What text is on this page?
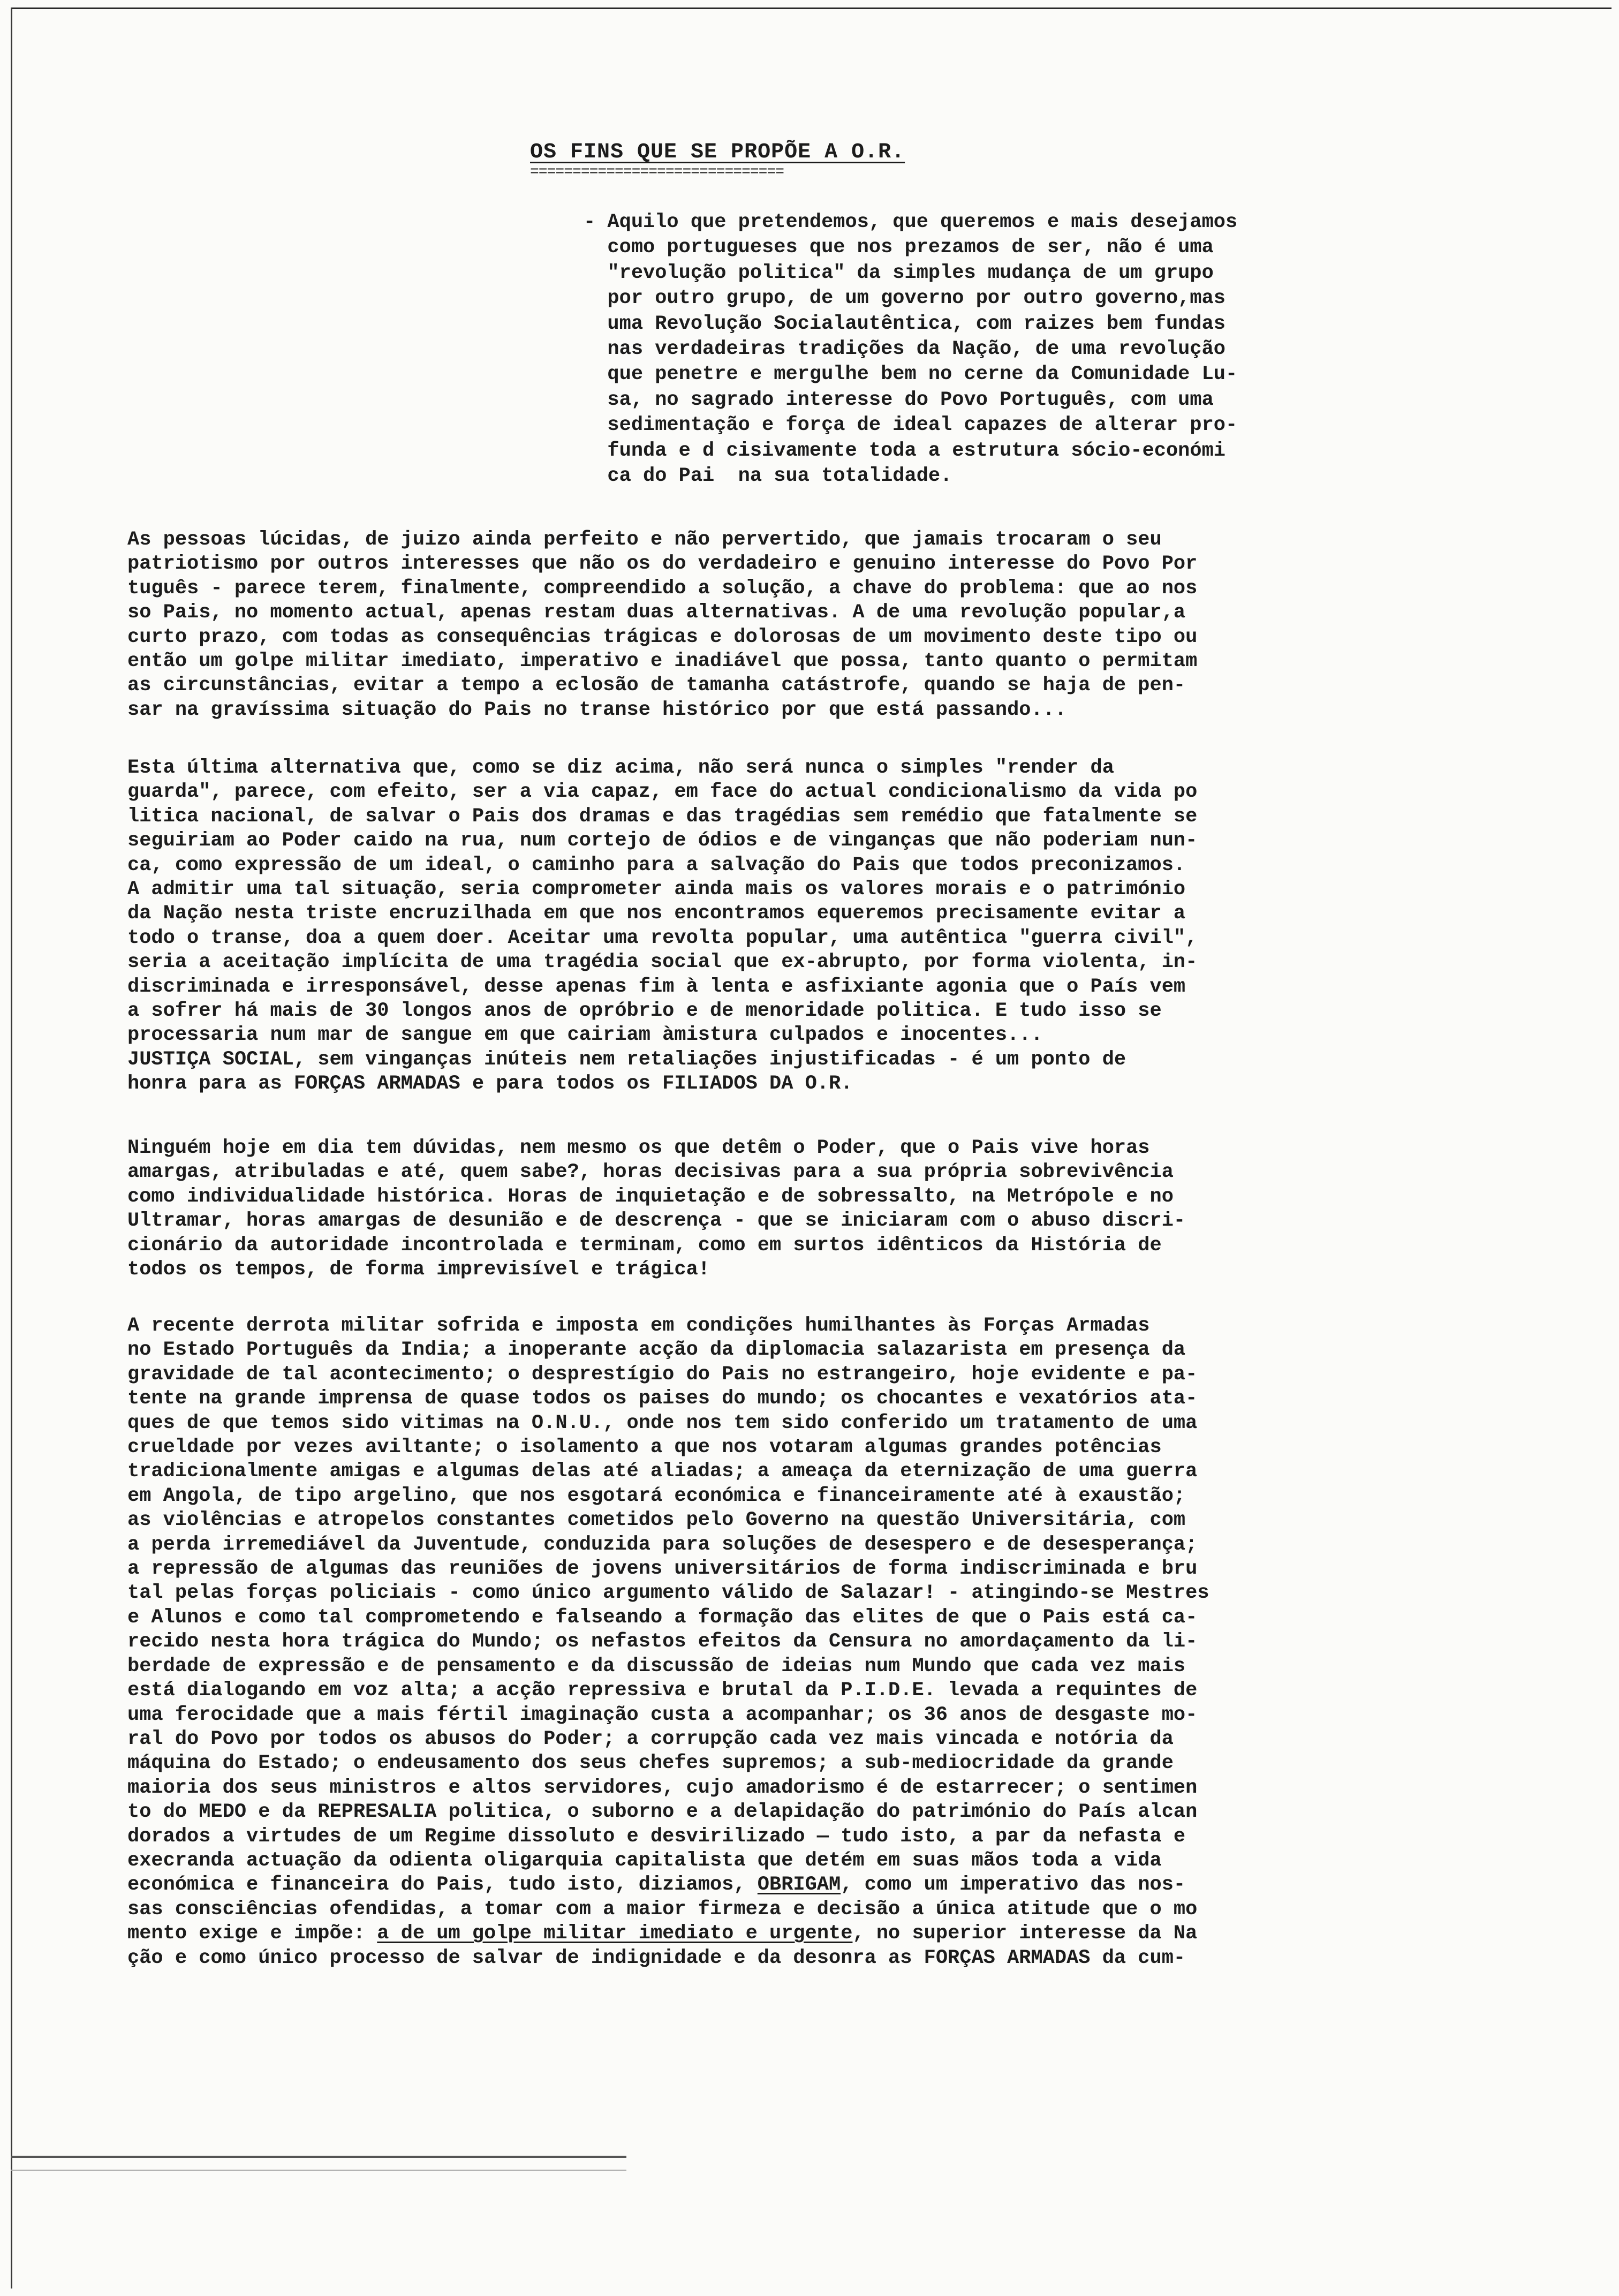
OS FINS QUE SE PROPÕE A O.R.
==============================
- Aquilo que pretendemos, que queremos e mais desejamos
como portugueses que nos prezamos de ser, não é uma
"revolução politica" da simples mudança de um grupo
por outro grupo, de um governo por outro governo,mas
uma Revolução Socialautêntica, com raizes bem fundas
nas verdadeiras tradições da Nação, de uma revolução
que penetre e mergulhe bem no cerne da Comunidade Lu-
sa, no sagrado interesse do Povo Português, com uma
sedimentação e força de ideal capazes de alterar pro-
funda e d cisivamente toda a estrutura sócio-económi
ca do Pai  na sua totalidade.
As pessoas lúcidas, de juizo ainda perfeito e não pervertido, que jamais trocaram o seu
patriotismo por outros interesses que não os do verdadeiro e genuino interesse do Povo Por
tuguês - parece terem, finalmente, compreendido a solução, a chave do problema: que ao nos
so Pais, no momento actual, apenas restam duas alternativas. A de uma revolução popular,a
curto prazo, com todas as consequências trágicas e dolorosas de um movimento deste tipo ou
então um golpe militar imediato, imperativo e inadiável que possa, tanto quanto o permitam
as circunstâncias, evitar a tempo a eclosão de tamanha catástrofe, quando se haja de pen-
sar na gravíssima situação do Pais no transe histórico por que está passando...
Esta última alternativa que, como se diz acima, não será nunca o simples "render da
guarda", parece, com efeito, ser a via capaz, em face do actual condicionalismo da vida po
litica nacional, de salvar o Pais dos dramas e das tragédias sem remédio que fatalmente se
seguiriam ao Poder caido na rua, num cortejo de ódios e de vinganças que não poderiam nun-
ca, como expressão de um ideal, o caminho para a salvação do Pais que todos preconizamos.
A admitir uma tal situação, seria comprometer ainda mais os valores morais e o património
da Nação nesta triste encruzilhada em que nos encontramos equeremos precisamente evitar a
todo o transe, doa a quem doer. Aceitar uma revolta popular, uma autêntica "guerra civil",
seria a aceitação implícita de uma tragédia social que ex-abrupto, por forma violenta, in-
discriminada e irresponsável, desse apenas fim à lenta e asfixiante agonia que o País vem
a sofrer há mais de 30 longos anos de opróbrio e de menoridade politica. E tudo isso se
processaria num mar de sangue em que cairiam àmistura culpados e inocentes...
JUSTIÇA SOCIAL, sem vinganças inúteis nem retaliações injustificadas - é um ponto de
honra para as FORÇAS ARMADAS e para todos os FILIADOS DA O.R.
Ninguém hoje em dia tem dúvidas, nem mesmo os que detêm o Poder, que o Pais vive horas
amargas, atribuladas e até, quem sabe?, horas decisivas para a sua própria sobrevivência
como individualidade histórica. Horas de inquietação e de sobressalto, na Metrópole e no
Ultramar, horas amargas de desunião e de descrença - que se iniciaram com o abuso discri-
cionário da autoridade incontrolada e terminam, como em surtos idênticos da História de
todos os tempos, de forma imprevisível e trágica!
A recente derrota militar sofrida e imposta em condições humilhantes às Forças Armadas
no Estado Português da India; a inoperante acção da diplomacia salazarista em presença da
gravidade de tal acontecimento; o desprestígio do Pais no estrangeiro, hoje evidente e pa-
tente na grande imprensa de quase todos os paises do mundo; os chocantes e vexatórios ata-
ques de que temos sido vitimas na O.N.U., onde nos tem sido conferido um tratamento de uma
crueldade por vezes aviltante; o isolamento a que nos votaram algumas grandes potências
tradicionalmente amigas e algumas delas até aliadas; a ameaça da eternização de uma guerra
em Angola, de tipo argelino, que nos esgotará económica e financeiramente até à exaustão;
as violências e atropelos constantes cometidos pelo Governo na questão Universitária, com
a perda irremediável da Juventude, conduzida para soluções de desespero e de desesperança;
a repressão de algumas das reuniões de jovens universitários de forma indiscriminada e bru
tal pelas forças policiais - como único argumento válido de Salazar! - atingindo-se Mestres
e Alunos e como tal comprometendo e falseando a formação das elites de que o Pais está ca-
recido nesta hora trágica do Mundo; os nefastos efeitos da Censura no amordaçamento da li-
berdade de expressão e de pensamento e da discussão de ideias num Mundo que cada vez mais
está dialogando em voz alta; a acção repressiva e brutal da P.I.D.E. levada a requintes de
uma ferocidade que a mais fértil imaginação custa a acompanhar; os 36 anos de desgaste mo-
ral do Povo por todos os abusos do Poder; a corrupção cada vez mais vincada e notória da
máquina do Estado; o endeusamento dos seus chefes supremos; a sub-mediocridade da grande
maioria dos seus ministros e altos servidores, cujo amadorismo é de estarrecer; o sentimen
to do MEDO e da REPRESALIA politica, o suborno e a delapidação do património do País alcan
dorados a virtudes de um Regime dissoluto e desvirilizado — tudo isto, a par da nefasta e
execranda actuação da odienta oligarquia capitalista que detém em suas mãos toda a vida
económica e financeira do Pais, tudo isto, diziamos, OBRIGAM, como um imperativo das nos-
sas consciências ofendidas, a tomar com a maior firmeza e decisão a única atitude que o mo
mento exige e impõe: a de um golpe militar imediato e urgente, no superior interesse da Na
ção e como único processo de salvar de indignidade e da desonra as FORÇAS ARMADAS da cum-
